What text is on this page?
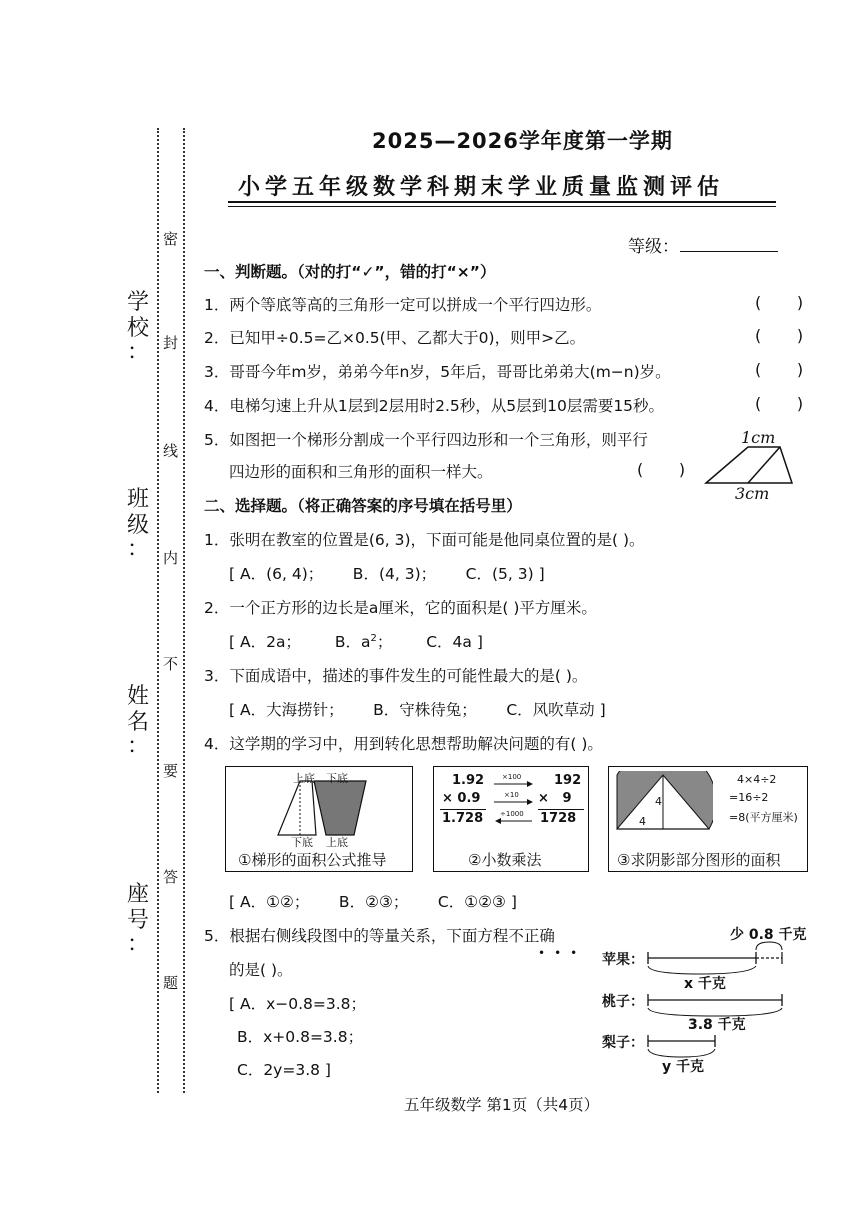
学
校
：
班
级
：
姓
名
：
座
号
：
密
封
线
内
不
要
答
题
2025—2026学年度第一学期
小学五年级数学科期末学业质量监测评估
等级：
一、判断题。（对的打“✓”，错的打“×”）
1．两个等底等高的三角形一定可以拼成一个平行四边形。	(       )
2．已知甲÷0.5=乙×0.5(甲、乙都大于0)，则甲>乙。	(       )
3．哥哥今年m岁，弟弟今年n岁，5年后，哥哥比弟弟大(m−n)岁。	(       )
4．电梯匀速上升从1层到2层用时2.5秒，从5层到10层需要15秒。	(       )
5．如图把一个梯形分割成一个平行四边形和一个三角形，则平行
四边形的面积和三角形的面积一样大。	(       )
1cm
3cm
二、选择题。（将正确答案的序号填在括号里）
1．张明在教室的位置是(6, 3)，下面可能是他同桌位置的是( )。
[ A．(6, 4)；      B．(4, 3)；      C．(5, 3) ]
2．一个正方形的边长是a厘米，它的面积是( )平方厘米。
[ A．2a； B．$a^2$； C．4a ]
3．下面成语中，描述的事件发生的可能性最大的是( )。
[ A．大海捞针；      B．守株待兔；      C．风吹草动 ]
4．这学期的学习中，用到转化思想帮助解决问题的有( )。
上底 下底
下底 上底
①梯形的面积公式推导
1.92
× 0.9
1.728
192
×   9
1728
×100
×10
÷1000
②小数乘法
4
4
4×4÷2
=16÷2
=8(平方厘米)
③求阴影部分图形的面积
[ A．①②；      B．②③；      C．①②③ ]
5．根据右侧线段图中的等量关系，下面方程不正确
•••
的是( )。
[ A．x−0.8=3.8；
B．x+0.8=3.8；
C．2y=3.8 ]
少 0.8 千克
苹果：
桃子：
梨子：
x 千克
3.8 千克
y 千克
五年级数学 第1页（共4页）
